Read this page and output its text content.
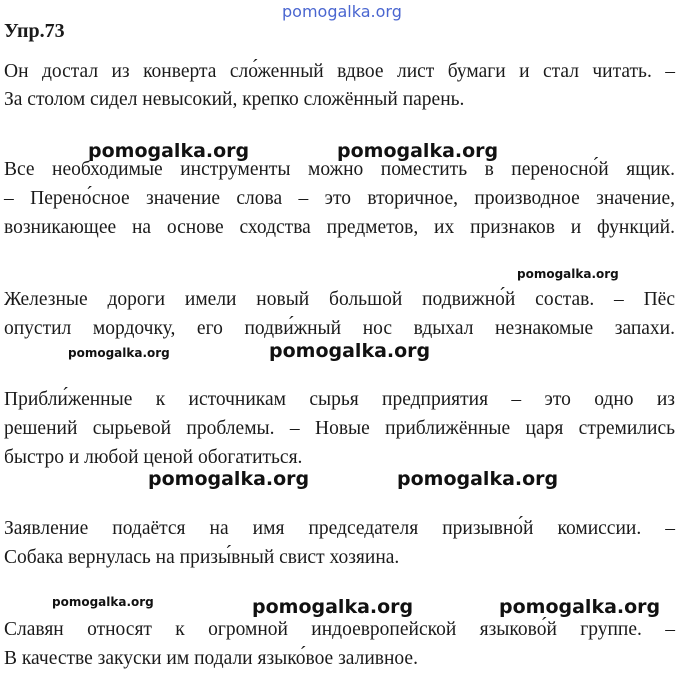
pomogalka.org
pomogalka.org	pomogalka.org
pomogalka.org
pomogalka.org	pomogalka.org
pomogalka.org	pomogalka.org
pomogalka.org	pomogalka.org	pomogalka.org
Упр.73
Он достал из конверта сло́женный вдвое лист бумаги и стал читать. –
За столом сидел невысокий, крепко сложённый парень.
Все необходимые инструменты можно поместить в переносно́й ящик.
– Перено́сное значение слова – это вторичное, производное значение,
возникающее на основе сходства предметов, их признаков и функций.
Железные дороги имели новый большой подвижно́й состав. – Пёс
опустил мордочку, его подви́жный нос вдыхал незнакомые запахи.
Прибли́женные к источникам сырья предприятия – это одно из
решений сырьевой проблемы. – Новые приближённые царя стремились
быстро и любой ценой обогатиться.
Заявление подаётся на имя председателя призывно́й комиссии. –
Собака вернулась на призы́вный свист хозяина.
Славян относят к огромной индоевропейской языково́й группе. –
В качестве закуски им подали языко́вое заливное.
